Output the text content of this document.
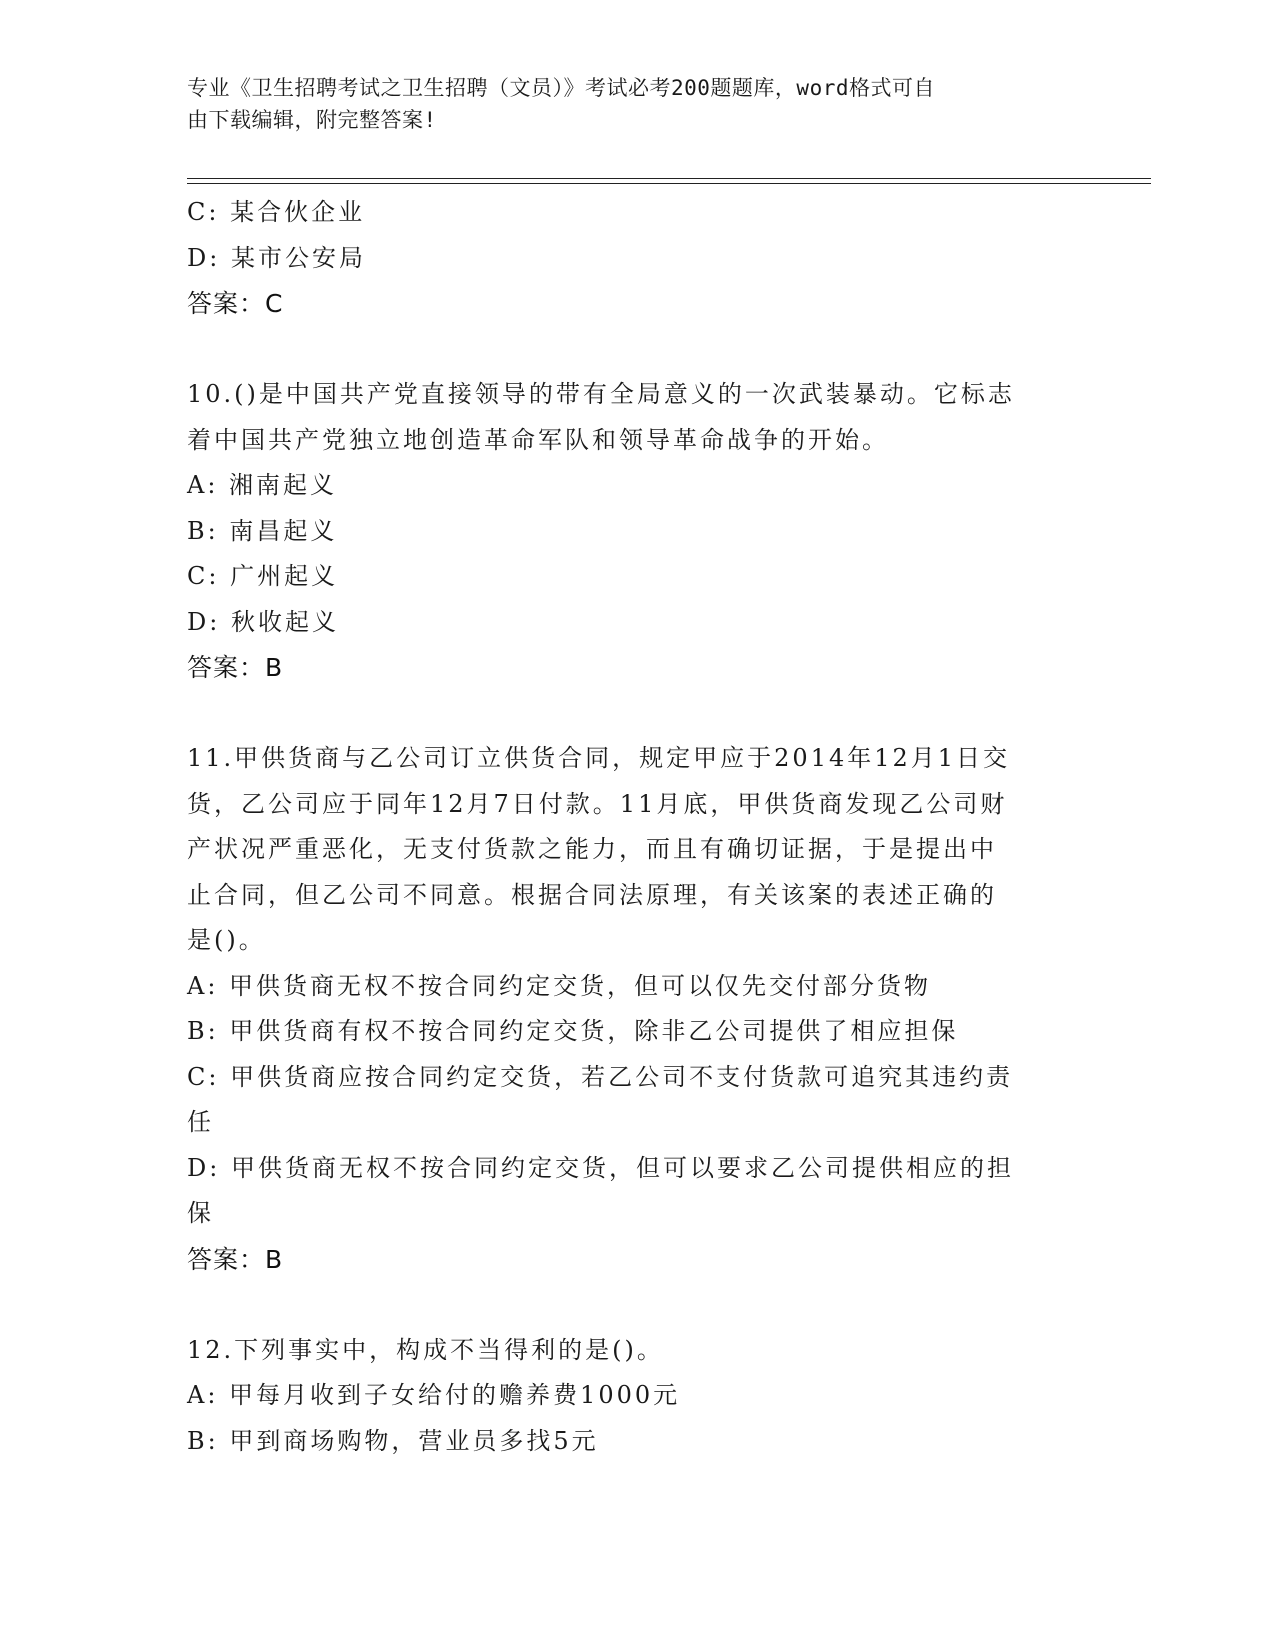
专业《卫生招聘考试之卫生招聘（文员）》考试必考200题题库，word格式可自
由下载编辑，附完整答案!
C: 某合伙企业
D: 某市公安局
答案：C
10.()是中国共产党直接领导的带有全局意义的一次武装暴动。它标志
着中国共产党独立地创造革命军队和领导革命战争的开始。
A: 湘南起义
B: 南昌起义
C: 广州起义
D: 秋收起义
答案：B
11.甲供货商与乙公司订立供货合同，规定甲应于2014年12月1日交
货，乙公司应于同年12月7日付款。11月底，甲供货商发现乙公司财
产状况严重恶化，无支付货款之能力，而且有确切证据，于是提出中
止合同，但乙公司不同意。根据合同法原理，有关该案的表述正确的
是()。
A: 甲供货商无权不按合同约定交货，但可以仅先交付部分货物
B: 甲供货商有权不按合同约定交货，除非乙公司提供了相应担保
C: 甲供货商应按合同约定交货，若乙公司不支付货款可追究其违约责
任
D: 甲供货商无权不按合同约定交货，但可以要求乙公司提供相应的担
保
答案：B
12.下列事实中，构成不当得利的是()。
A: 甲每月收到子女给付的赡养费1000元
B: 甲到商场购物，营业员多找5元
